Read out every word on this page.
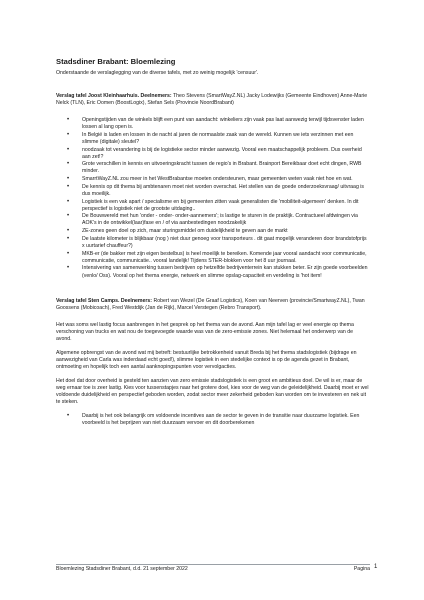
Stadsdiner Brabant: Bloemlezing
Onderstaande de verslaglegging van de diverse tafels, met zo weinig mogelijk 'censuur'.

Verslag tafel Joost Kleinhaarhuis. Deelnemers: Theo Stevens (SmartWayZ.NL) Jacky Lodewijks (Gemeente Eindhoven) Anne-Marie Nelck (TLN), Eric Oomen (BoostLogix), Stefan Sels (Provincie NoordBrabant)

• Openingstijden van de winkels blijft een punt van aandacht: winkeliers zijn vaak pas laat aanwezig terwijl tijdsvenster laden lossen al lang open is.
• In België is laden en lossen in de nacht al jaren de normaalste zaak van de wereld. Kunnen we iets verzinnen met een slimme (digitale) sleutel?
• noodzaak tot verandering is bij de logistieke sector minder aanwezig. Vooral een maatschappelijk probleem. Dus overheid aan zet!?
• Grote verschillen in kennis en uitvoeringskracht tussen de regio's in Brabant. Brainport Bereikbaar doet echt dingen, RWB minder.
• SmarrtWayZ.NL zou meer in het WestBrabantse moeten ondersteunen, maar gemeenten weten vaak niet hoe en wat.
• De kennis op dit thema bij ambtenaren moet niet worden overschat. Het stellen van de goede onderzoeksvraag/ uitvraag is dus moeilijk.
• Logistiek is een vak apart / specialisme en bij gemeenten zitten vaak generalisten die 'mobiliteit-algemeen' denken. In dit perspectief is logistiek niet de grootste uitdaging..
• De Bouwwereld met hun 'onder - onder- onder-aannemers'; is lastige te sturen in de praktijk. Contractueel afdwingen via AOK's in de ontwikkel(laar)fase en / of via aanbestedingen noodzakelijk
• ZE-zones geen doel op zich, maar sturingsmiddel om duidelijkheid te geven aan de markt
• De laatste kilometer is blijkbaar (nog ) niet duur genoeg voor transporteurs . dit gaat mogelijk veranderen door brandstofprijs x uurtarief chauffeur?)
• MKB-er (de bakker met zijn eigen bestelbus) is heel moeilijk te bereiken. Komende jaar vooral aandacht voor communicatie, communicatie, communicatie.. vooral landelijk! Tijdens STER-blokken voor het 8 uur journaal.
• Intensivering van samenwerking tussen bedrijven op hetzelfde bedrijventerrein kan stukken beter. Er zijn goede voorbeelden (venlo/ Oss). Vooral op het thema energie, netwerk en slimme opslag-capaciteit en verdeling is 'hot item!

Verslag tafel Sten Camps. Deelnemers: Robert van Wezel (De Graaf Logistics), Koen van Neerven (provincie/SmartwayZ.NL), Twan Goossens (Mobicoach), Fred Westdijk (Jan de Rijk), Marcel Verstegen (Rebro Transport).

Het was soms wel lastig focus aanbrengen in het gesprek op het thema van de avond. Aan mijn tafel lag er veel energie op thema verschoning van trucks en wat nou de toegevoegde waarde was van de zero-emissie zones. Niet helemaal het onderwerp van de avond.

Algemene opbrengst van de avond wat mij betreft: bestuurlijke betrokkenheid vanuit Breda bij het thema stadslogistiek (bijdrage en aanwezigheid van Carla was inderdaad echt goed!), slimme logistiek in een stedelijke context is op de agenda gezet in Brabant, ontmoeting en hopelijk toch een aantal aanknopingspunten voor vervolgacties.

Het doel dat door overheid is gesteld ten aanzien van zero emissie stadslogistiek is een groot en ambitieus doel. De wil is er, maar de weg ernaar toe is zeer lastig. Kies voor tussenstapjes naar het grotere doel, kies voor de weg van de geleidelijkheid. Daarbij moet er wel voldoende duidelijkheid en perspectief geboden worden, zodat sector meer zekerheid geboden kan worden om te investeren en nek uit te steken.

• Daarbij is het ook belangrijk om voldoende incentives aan de sector te geven in de transitie naar duurzame logistiek. Een voorbeeld is het beprijzen van niet duurzaam vervoer en dit doorberekenen
Bloemlezing Stadsdiner Brabant, d.d. 21 september 2022	Pagina 1
